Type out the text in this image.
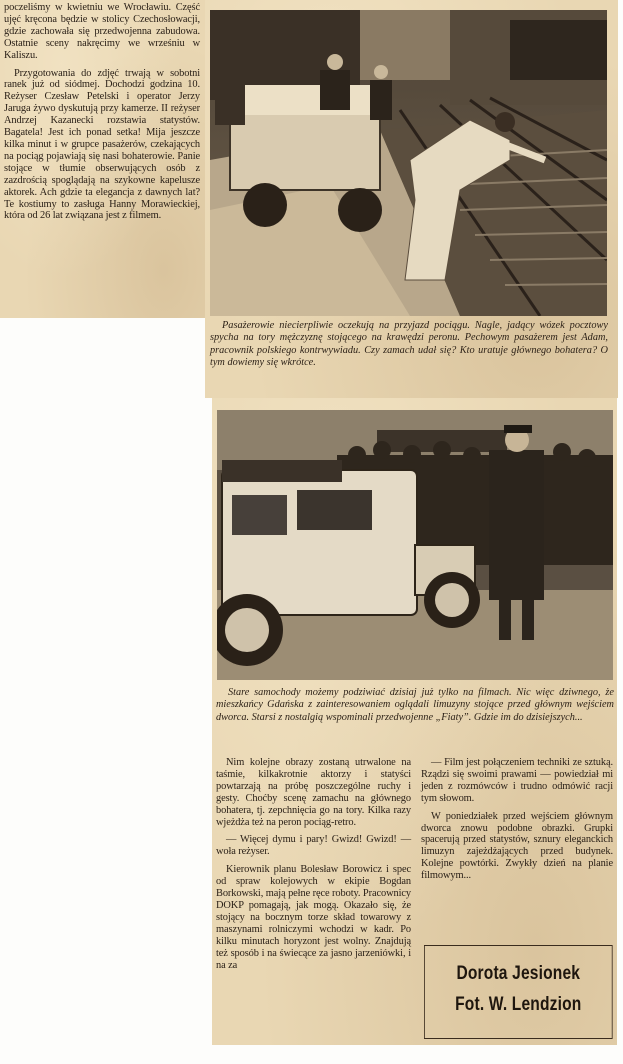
poczeliśmy w kwietniu we Wrocławiu. Część ujęć kręcona będzie w stolicy Czechosłowacji, gdzie zachowała się przedwojenna zabudowa. Ostatnie sceny nakręcimy we wrześniu w Kaliszu.

Przygotowania do zdjęć trwają w sobotni ranek już od siódmej. Dochodzi godzina 10. Reżyser Czesław Petelski i operator Jerzy Jaruga żywo dyskutują przy kamerze. II reżyser Andrzej Kazanecki rozstawia statystów. Bagatela! Jest ich ponad setka! Mija jeszcze kilka minut i w grupce pasażerów, czekających na pociąg pojawiają się nasi bohaterowie. Panie stojące w tłumie obserwujących osób z zazdrością spoglądają na szykowne kapelusze aktorek. Ach gdzie ta elegancja z dawnych lat? Te kostiumy to zasługa Hanny Morawieckiej, która od 26 lat związana jest z filmem.

Pasażerowie niecierpliwie oczekują na przyjazd pociągu. Nagle, jadący wózek pocztowy spycha na tory mężczyznę stojącego na krawędzi peronu. Pechowym pasażerem jest Adam, pracownik polskiego kontrwywiadu. Czy zamach udał się? Kto uratuje głównego bohatera? O tym dowiemy się wkrótce.
Stare samochody możemy podziwiać dzisiaj już tylko na filmach. Nic więc dziwnego, że mieszkańcy Gdańska z zainteresowaniem oglądali limuzyny stojące przed głównym wejściem dworca. Starsi z nostalgią wspominali przedwojenne „Fiaty”. Gdzie im do dzisiejszych...

Nim kolejne obrazy zostaną utrwalone na taśmie, kilkakrotnie aktorzy i statyści powtarzają na próbę poszczególne ruchy i gesty. Choćby scenę zamachu na głównego bohatera, tj. zepchnięcia go na tory. Kilka razy wjeżdża też na peron pociąg-retro.

— Więcej dymu i pary! Gwizd! Gwizd! — woła reżyser.

Kierownik planu Bolesław Borowicz i spec od spraw kolejowych w ekipie Bogdan Borkowski, mają pełne ręce roboty. Pracownicy DOKP pomagają, jak mogą. Okazało się, że stojący na bocznym torze skład towarowy z maszynami rolniczymi wchodzi w kadr. Po kilku minutach horyzont jest wolny. Znajdują też sposób i na świecące za jasno jarzeniówki, i na za

— Film jest połączeniem techniki ze sztuką. Rządzi się swoimi prawami — powiedział mi jeden z rozmówców i trudno odmówić racji tym słowom.

W poniedziałek przed wejściem głównym dworca znowu podobne obrazki. Grupki spacerują przed statystów, sznury eleganckich limuzyn zajeżdżających przed budynek. Kolejne powtórki. Zwykły dzień na planie filmowym...

Dorota Jesionek
Fot. W. Lendzion
